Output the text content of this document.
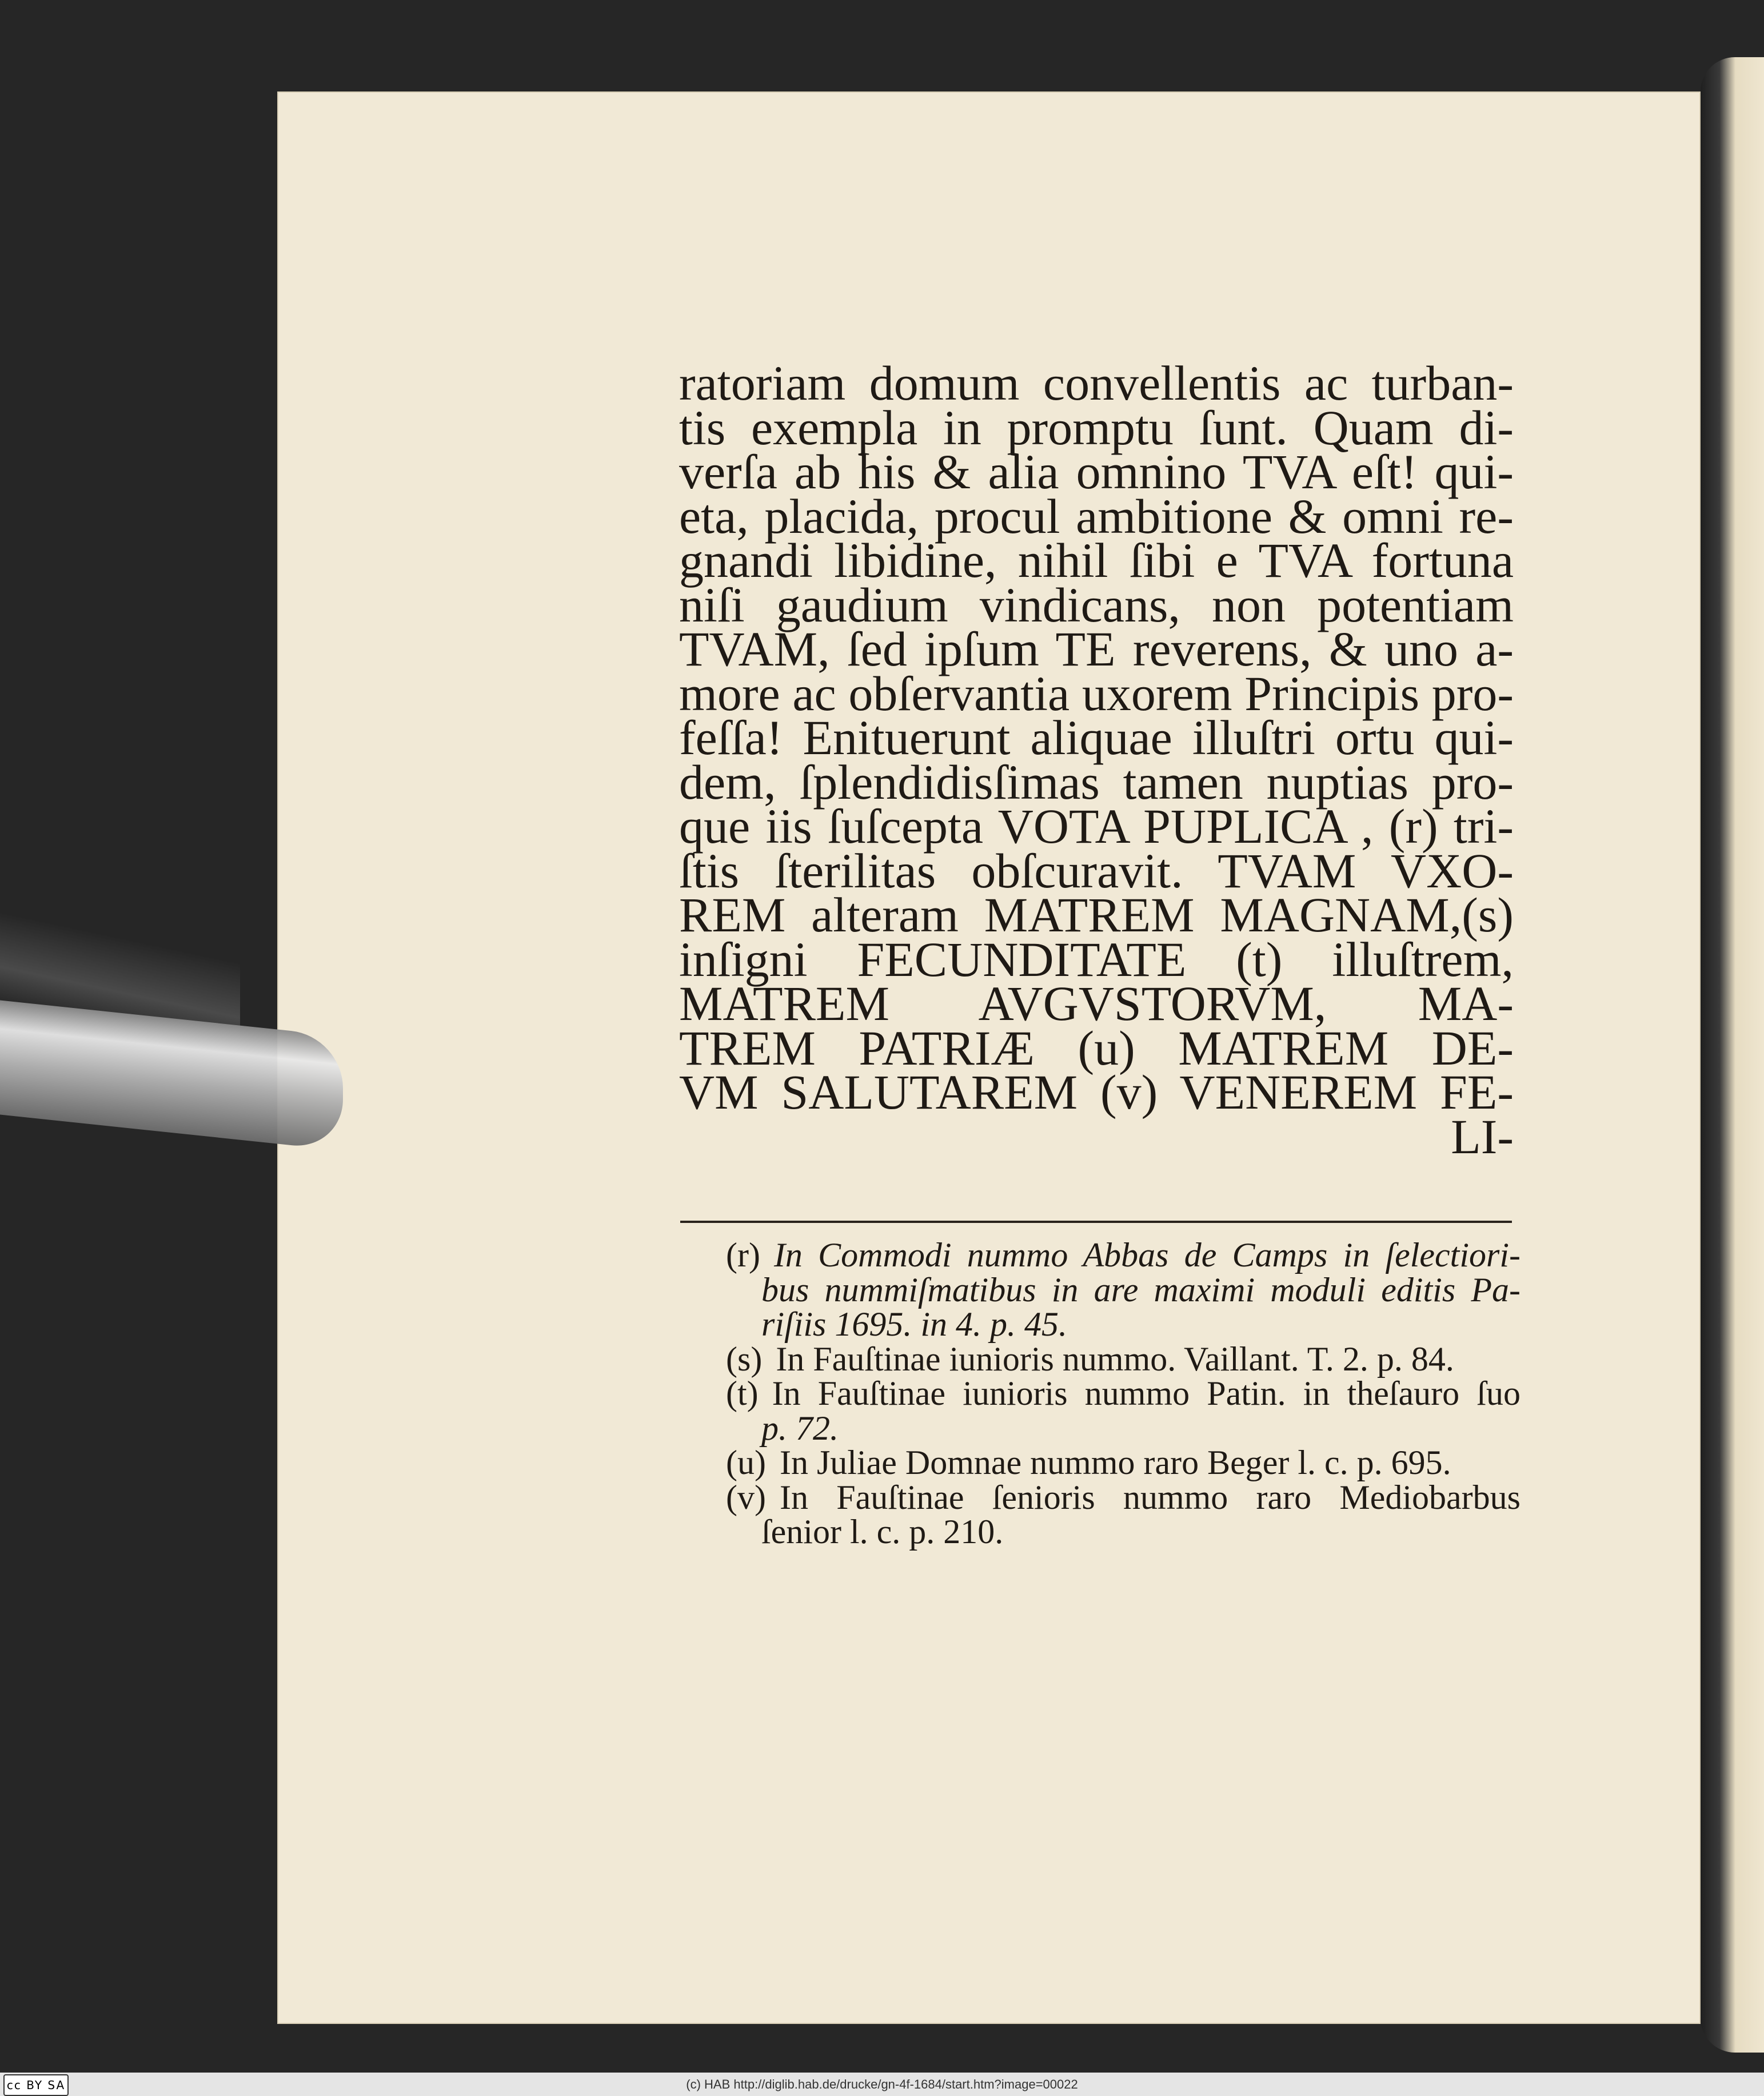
ratoriam domum convellentis ac turban-
tis exempla in promptu ſunt. Quam di-
verſa ab his & alia omnino TVA eſt! qui-
eta, placida, procul ambitione & omni re-
gnandi libidine, nihil ſibi e TVA fortuna
niſi gaudium vindicans, non potentiam
TVAM, ſed ipſum TE reverens, & uno a-
more ac obſervantia uxorem Principis pro-
feſſa! Enituerunt aliquae illuſtri ortu qui-
dem, ſplendidisſimas tamen nuptias pro-
que iis ſuſcepta VOTA PUPLICA , (r) tri-
ſtis ſterilitas obſcuravit. TVAM VXO-
REM alteram MATREM MAGNAM,(s)
inſigni FECUNDITATE (t) illuſtrem,
MATREM AVGVSTORVM, MA-
TREM PATRIÆ (u) MATREM DE-
VM SALUTAREM (v) VENEREM FE-
LI-
(r) In Commodi nummo Abbas de Camps in ſelectiori-
bus nummiſmatibus in are maximi moduli editis Pa-
riſiis 1695. in 4. p. 45.
(s) In Fauſtinae iunioris nummo. Vaillant. T. 2. p. 84.
(t) In Fauſtinae iunioris nummo Patin. in theſauro ſuo
p. 72.
(u) In Juliae Domnae nummo raro Beger l. c. p. 695.
(v) In Fauſtinae ſenioris nummo raro Mediobarbus
ſenior l. c. p. 210.
(c) HAB http://diglib.hab.de/drucke/gn-4f-1684/start.htm?image=00022
cc BY SA
